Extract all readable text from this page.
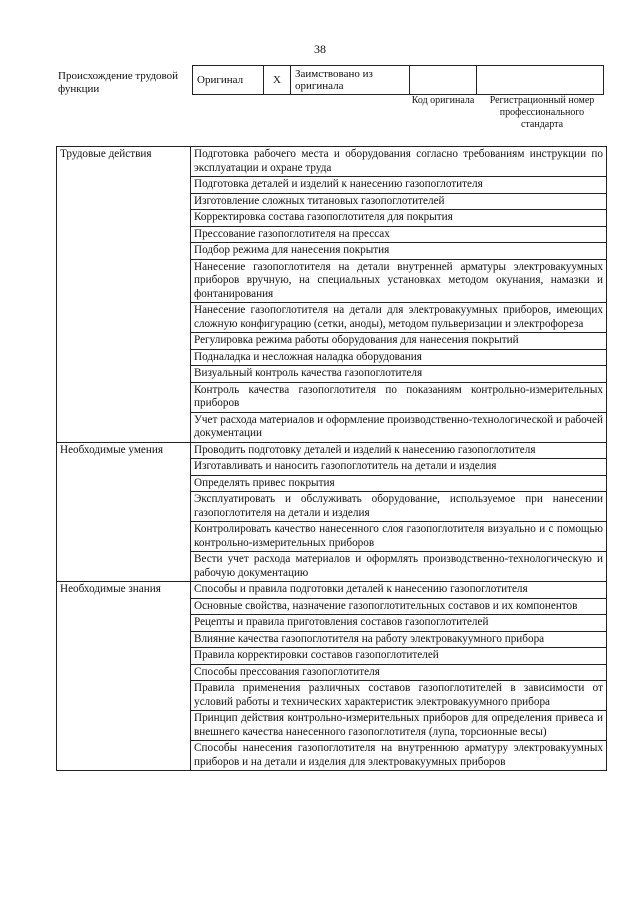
38
Происхождение трудовой функции
Оригинал	X	Заимствовано из оригинала		
Код оригинала	Регистрационный номер профессионального стандарта
Трудовые действия	Подготовка рабочего места и оборудования согласно требованиям инструкции по эксплуатации и охране труда
	Подготовка деталей и изделий к нанесению газопоглотителя
	Изготовление сложных титановых газопоглотителей
	Корректировка состава газопоглотителя для покрытия
	Прессование газопоглотителя на прессах
	Подбор режима для нанесения покрытия
	Нанесение газопоглотителя на детали внутренней арматуры электровакуумных приборов вручную, на специальных установках методом окунания, намазки и фонтанирования
	Нанесение газопоглотителя на детали для электровакуумных приборов, имеющих сложную конфигурацию (сетки, аноды), методом пульверизации и электрофореза
	Регулировка режима работы оборудования для нанесения покрытий
	Подналадка и несложная наладка оборудования
	Визуальный контроль качества газопоглотителя
	Контроль качества газопоглотителя по показаниям контрольно-измерительных приборов
	Учет расхода материалов и оформление производственно-технологической и рабочей документации
Необходимые умения	Проводить подготовку деталей и изделий к нанесению газопоглотителя
	Изготавливать и наносить газопоглотитель на детали и изделия
	Определять привес покрытия
	Эксплуатировать и обслуживать оборудование, используемое при нанесении газопоглотителя на детали и изделия
	Контролировать качество нанесенного слоя газопоглотителя визуально и с помощью контрольно-измерительных приборов
	Вести учет расхода материалов и оформлять производственно-технологическую и рабочую документацию
Необходимые знания	Способы и правила подготовки деталей к нанесению газопоглотителя
	Основные свойства, назначение газопоглотительных составов и их компонентов
	Рецепты и правила приготовления составов газопоглотителей
	Влияние качества газопоглотителя на работу электровакуумного прибора
	Правила корректировки составов газопоглотителей
	Способы прессования газопоглотителя
	Правила применения различных составов газопоглотителей в зависимости от условий работы и технических характеристик электровакуумного прибора
	Принцип действия контрольно-измерительных приборов для определения привеса и внешнего качества нанесенного газопоглотителя (лупа, торсионные весы)
	Способы нанесения газопоглотителя на внутреннюю арматуру электровакуумных приборов и на детали и изделия для электровакуумных приборов
